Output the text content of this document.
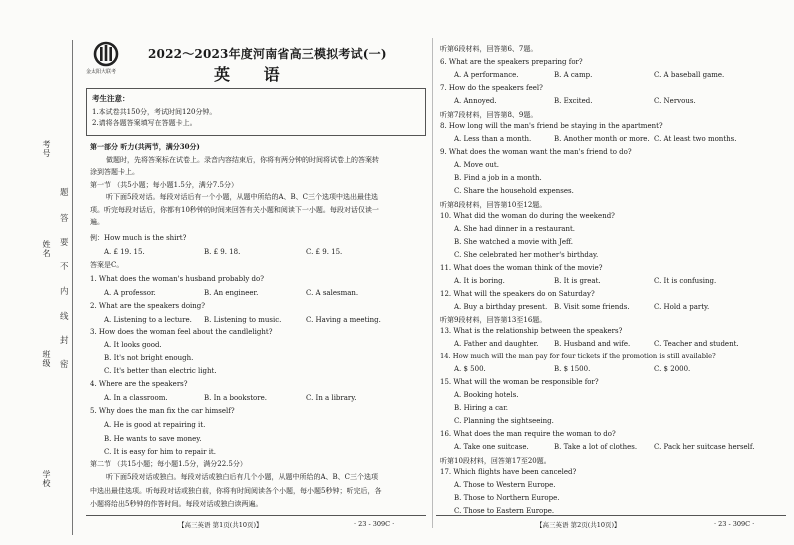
考号
姓名
班级
学校
题
答
要
不
内
线
封
密
金太阳大联考
2022～2023年度河南省高三模拟考试(一)
英 语
考生注意：
1.本试卷共150分，考试时间120分钟。
2.请将各题答案填写在答题卡上。
第一部分 听力(共两节，满分30分)
做题时，先将答案标在试卷上。录音内容结束后，你将有两分钟的时间将试卷上的答案转
涂到答题卡上。
第一节 （共5小题；每小题1.5分，满分7.5分）
听下面5段对话。每段对话后有一个小题，从题中所给的A、B、C三个选项中选出最佳选
项。听完每段对话后，你都有10秒钟的时间来回答有关小题和阅读下一小题。每段对话仅读一
遍。
例：How much is the shirt?
A. £ 19. 15.	B. £ 9. 18.	C. £ 9. 15.
答案是C。
1. What does the woman's husband probably do?
A. A professor.	B. An engineer.	C. A salesman.
2. What are the speakers doing?
A. Listening to a lecture. B. Listening to music.	C. Having a meeting.
3. How does the woman feel about the candlelight?
A. It looks good.
B. It's not bright enough.
C. It's better than electric light.
4. Where are the speakers?
A. In a classroom.	B. In a bookstore.	C. In a library.
5. Why does the man fix the car himself?
A. He is good at repairing it.
B. He wants to save money.
C. It is easy for him to repair it.
第二节 （共15小题；每小题1.5分，满分22.5分）
听下面5段对话或独白。每段对话或独白后有几个小题，从题中所给的A、B、C三个选项
中选出最佳选项。听每段对话或独白前，你将有时间阅读各个小题，每小题5秒钟；听完后，各
小题将给出5秒钟的作答时间。每段对话或独白读两遍。
【高三英语 第1页(共10页)】	· 23 - 309C ·
听第6段材料，回答第6、7题。
6. What are the speakers preparing for?
A. A performance.	B. A camp.	C. A baseball game.
7. How do the speakers feel?
A. Annoyed.	B. Excited.	C. Nervous.
听第7段材料，回答第8、9题。
8. How long will the man's friend be staying in the apartment?
A. Less than a month.	B. Another month or more. C. At least two months.
9. What does the woman want the man's friend to do?
A. Move out.
B. Find a job in a month.
C. Share the household expenses.
听第8段材料，回答第10至12题。
10. What did the woman do during the weekend?
A. She had dinner in a restaurant.
B. She watched a movie with Jeff.
C. She celebrated her mother's birthday.
11. What does the woman think of the movie?
A. It is boring.	B. It is great.	C. It is confusing.
12. What will the speakers do on Saturday?
A. Buy a birthday present. B. Visit some friends.	C. Hold a party.
听第9段材料，回答第13至16题。
13. What is the relationship between the speakers?
A. Father and daughter. B. Husband and wife.	C. Teacher and student.
14. How much will the man pay for four tickets if the promotion is still available?
A. $ 500.	B. $ 1500.	C. $ 2000.
15. What will the woman be responsible for?
A. Booking hotels.
B. Hiring a car.
C. Planning the sightseeing.
16. What does the man require the woman to do?
A. Take one suitcase.	B. Take a lot of clothes. C. Pack her suitcase herself.
听第10段材料，回答第17至20题。
17. Which flights have been canceled?
A. Those to Western Europe.
B. Those to Northern Europe.
C. Those to Eastern Europe.
【高三英语 第2页(共10页)】	· 23 - 309C ·
